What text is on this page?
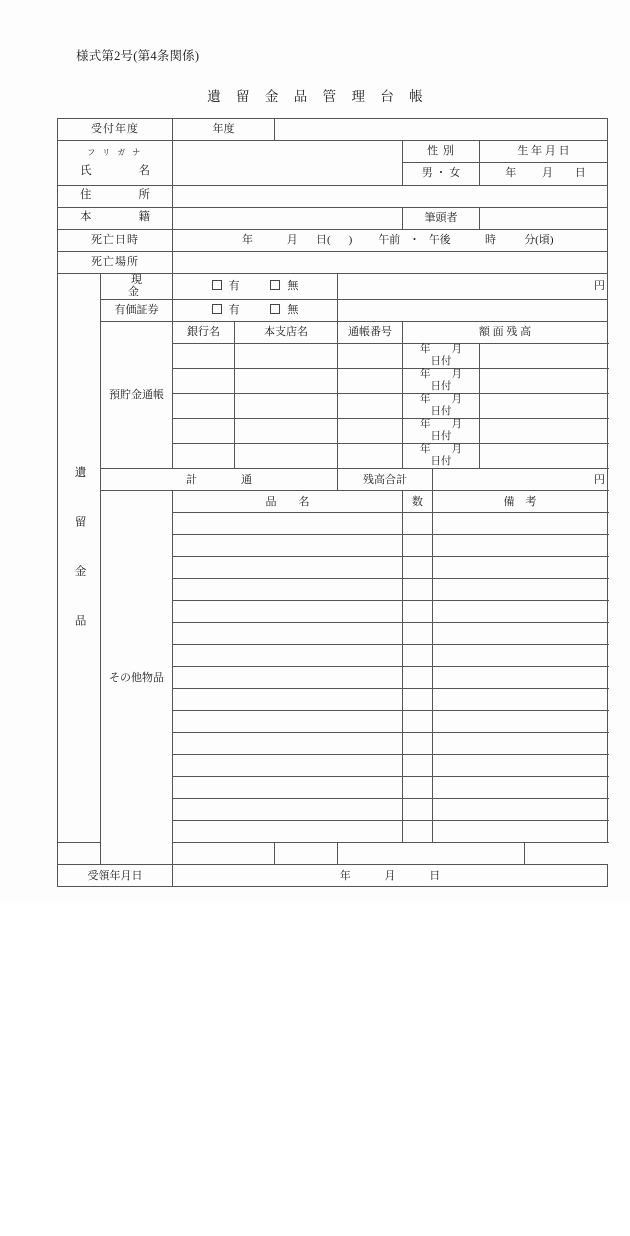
様式第2号(第4条関係)
遺 留 金 品 管 理 台 帳
受付年度		年度						

フ リ ガ ナ						性 別		生 年 月 日

氏　　名						男 ・ 女		年 月 日

住　　所								

本　　籍						筆頭者		
死亡日時		年 月 日( ) 午前 ・ 午後 時 分(頃)						
死亡場所								

遺留金品	現　　金	有 無			円			
	有価証券	有 無						
	預貯金通帳	銀行名	本支店名		通帳番号	額 面 残 高		
						年　　月　　日付		
						年　　月　　日付		
						年　　月　　日付		
						年　　月　　日付		
						年　　月　　日付		
	計　　　　通				残高合計		円	
	その他物品	品　　名				数	備　考	

受領年月日		年 月 日						
